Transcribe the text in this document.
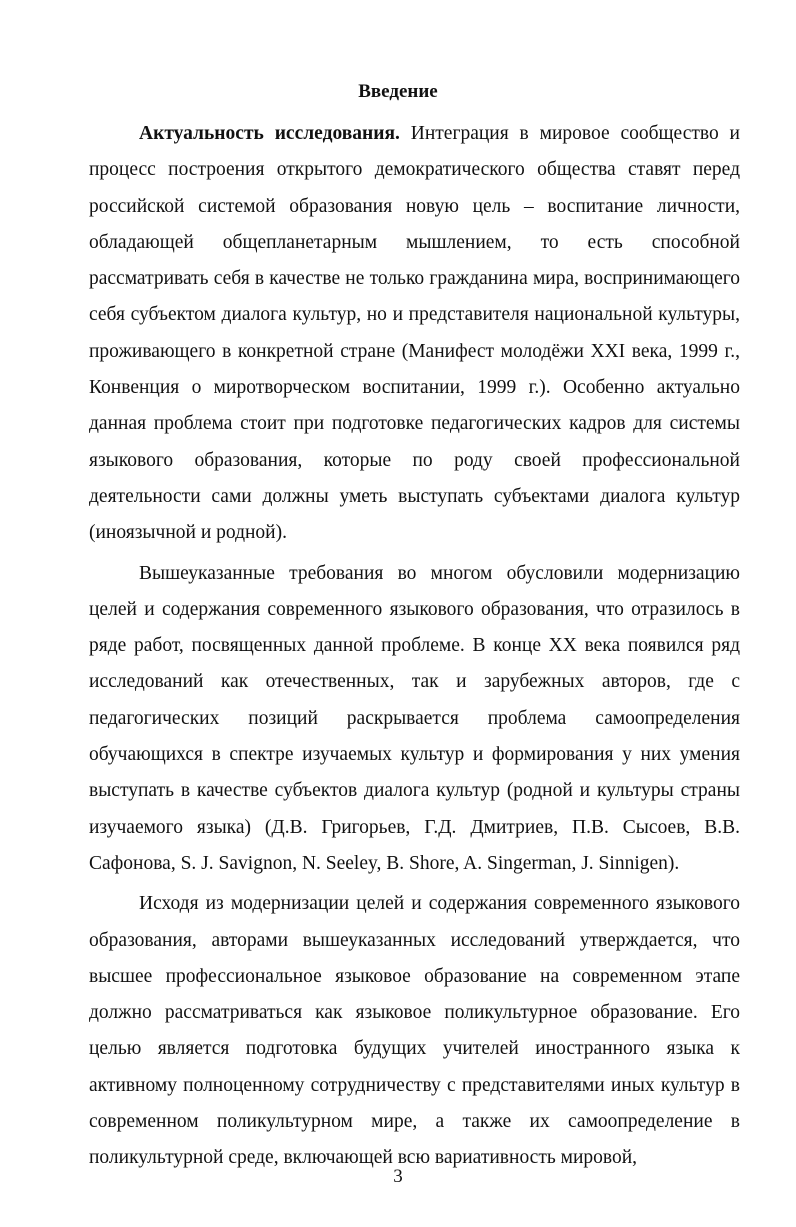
Введение

Актуальность исследования. Интеграция в мировое сообщество и процесс построения открытого демократического общества ставят перед российской системой образования новую цель – воспитание личности, обладающей общепланетарным мышлением, то есть способной рассматривать себя в качестве не только гражданина мира, воспринимающего себя субъектом диалога культур, но и представителя национальной культуры, проживающего в конкретной стране (Манифест молодёжи XXI века, 1999 г., Конвенция о миротворческом воспитании, 1999 г.). Особенно актуально данная проблема стоит при подготовке педагогических кадров для системы языкового образования, которые по роду своей профессиональной деятельности сами должны уметь выступать субъектами диалога культур (иноязычной и родной).

Вышеуказанные требования во многом обусловили модернизацию целей и содержания современного языкового образования, что отразилось в ряде работ, посвященных данной проблеме. В конце XX века появился ряд исследований как отечественных, так и зарубежных авторов, где с педагогических позиций раскрывается проблема самоопределения обучающихся в спектре изучаемых культур и формирования у них умения выступать в качестве субъектов диалога культур (родной и культуры страны изучаемого языка) (Д.В. Григорьев, Г.Д. Дмитриев, П.В. Сысоев, В.В. Сафонова, S. J. Savignon, N. Seeley, B. Shore, A. Singerman, J. Sinnigen).

Исходя из модернизации целей и содержания современного языкового образования, авторами вышеуказанных исследований утверждается, что высшее профессиональное языковое образование на современном этапе должно рассматриваться как языковое поликультурное образование. Его целью является подготовка будущих учителей иностранного языка к активному полноценному сотрудничеству с представителями иных культур в современном поликультурном мире, а также их самоопределение в поликультурной среде, включающей всю вариативность мировой,

3
